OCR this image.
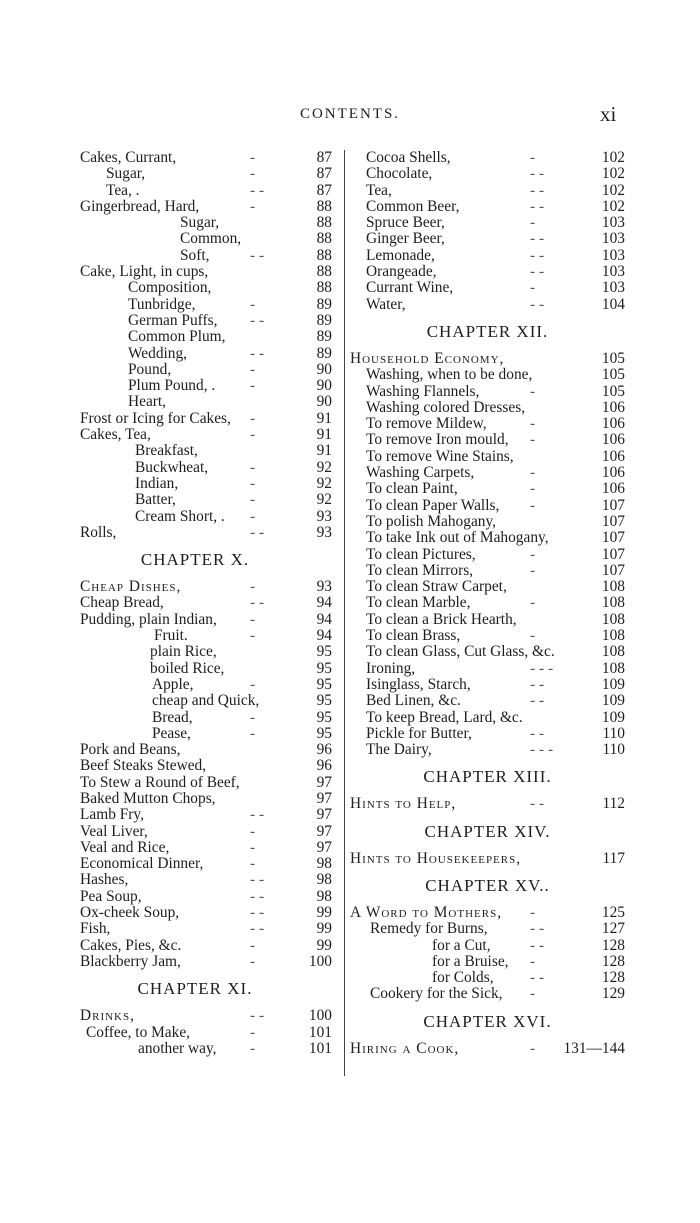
CONTENTS.	xi
Cakes, Currant,	-	87
Sugar,	-	87
Tea, .	- -	87
Gingerbread, Hard,	-	88
Sugar,	88
Common,	88
Soft,	- -	88
Cake, Light, in cups,	88
Composition,	88
Tunbridge,	-	89
German Puffs, - -	89
Common Plum,	89
Wedding,	- -	89
Pound,	-	90
Plum Pound, . -	90
Heart,	90
Frost or Icing for Cakes, -	91
Cakes, Tea,	-	91
Breakfast,	91
Buckwheat,	-	92
Indian,	-	92
Batter,	-	92
Cream Short, . -	93
Rolls,	- -	93
CHAPTER X.
Cheap Dishes,	-	93
Cheap Bread,	- -	94
Pudding, plain Indian, -	94
Fruit.	-	94
plain Rice,	95
boiled Rice,	95
Apple,	-	95
cheap and Quick,	95
Bread,	-	95
Pease,	-	95
Pork and Beans,	96
Beef Steaks Stewed,	96
To Stew a Round of Beef,	97
Baked Mutton Chops,	97
Lamb Fry,	- -	97
Veal Liver,	-	97
Veal and Rice,	-	97
Economical Dinner,	-	98
Hashes,	- -	98
Pea Soup,	- -	98
Ox-cheek Soup,	- -	99
Fish,	- -	99
Cakes, Pies, &c.	-	99
Blackberry Jam,	-	100
CHAPTER XI.
Drinks,	- -	100
Coffee, to Make,	-	101
another way, -	101
Cocoa Shells,	-	102
Chocolate,	- -	102
Tea,	- -	102
Common Beer,	- -	102
Spruce Beer,	-	103
Ginger Beer,	- -	103
Lemonade,	- -	103
Orangeade,	- -	103
Currant Wine,	-	103
Water,	- -	104
CHAPTER XII.
Household Economy,	105
Washing, when to be done,	105
Washing Flannels,	-	105
Washing colored Dresses,	106
To remove Mildew,	-	106
To remove Iron mould, -	106
To remove Wine Stains,	106
Washing Carpets,	-	106
To clean Paint,	-	106
To clean Paper Walls, -	107
To polish Mahogany,	107
To take Ink out of Mahogany,	107
To clean Pictures,	-	107
To clean Mirrors,	-	107
To clean Straw Carpet,	108
To clean Marble,	-	108
To clean a Brick Hearth,	108
To clean Brass,	-	108
To clean Glass, Cut Glass, &c.	108
Ironing,	- - -	108
Isinglass, Starch,	- -	109
Bed Linen, &c.	- -	109
To keep Bread, Lard, &c.	109
Pickle for Butter,	- -	110
The Dairy,	- - -	110
CHAPTER XIII.
Hints to Help,	- -	112
CHAPTER XIV.
Hints to Housekeepers,	117
CHAPTER XV..
A Word to Mothers, -	125
Remedy for Burns,	- -	127
for a Cut,	- -	128
for a Bruise, -	128
for Colds, - -	128
Cookery for the Sick, -	129
CHAPTER XVI.
Hiring a Cook,	- 131—144
